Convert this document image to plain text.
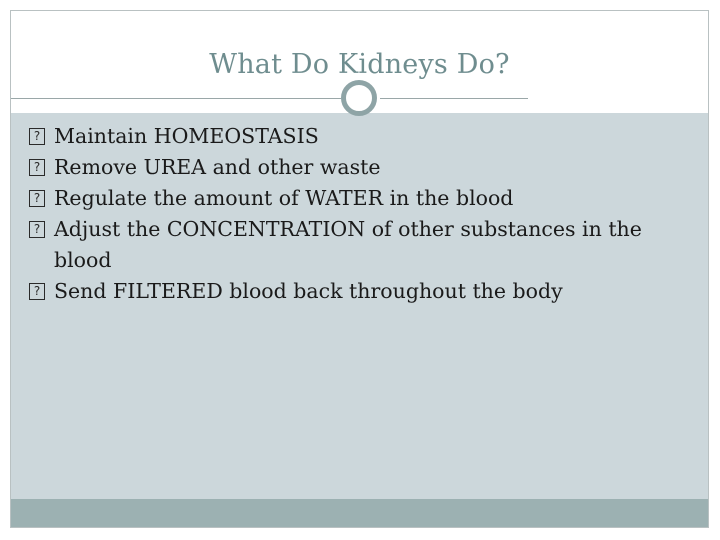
What Do Kidneys Do?
? Maintain HOMEOSTASIS
? Remove UREA and other waste
? Regulate the amount of WATER in the blood
? Adjust the CONCENTRATION of other substances in the blood
? Send FILTERED blood back throughout the body
